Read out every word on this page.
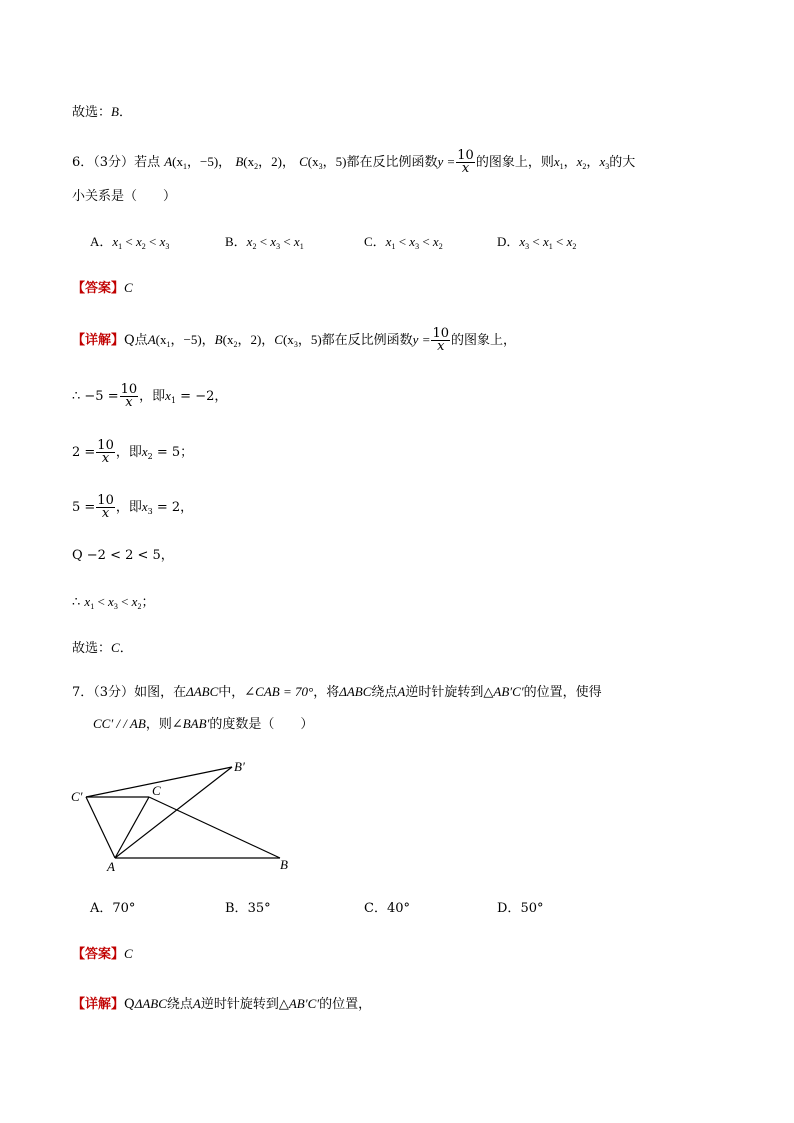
故选：B．
6．（3分）若点 $A(x_1$，−5)， $B(x_2$，2)， $C(x_3$，5)都在反比例函数$y = \frac{10}{x}$ 的图象上，则$x_1$，$x_2$，$x_3$的大
小关系是（　　）
A．$x_1 < x_2 < x_3$	B．$x_2 < x_3 < x_1$	C．$x_1 < x_3 < x_2$	D．$x_3 < x_1 < x_2$
【答案】C
【详解】Q点$A(x_1$，−5)，$B(x_2$，2)，$C(x_3$，5)都在反比例函数$y = \frac{10}{x}$ 的图象上，
∴ $-5 = \frac{10}{x}$ ，即$x_1 = -2$，
$2 = \frac{10}{x}$ ，即$x_2 = 5$；
$5 = \frac{10}{x}$ ，即$x_3 = 2$，
Q −2 < 2 < 5，
∴ $x_1 < x_3 < x_2$；
故选：C．
7．（3分）如图，在ΔABC中，∠CAB = 70°，将ΔABC绕点A逆时针旋转到△AB′C′的位置，使得
CC′ / / AB，则∠BAB′的度数是（　　）
B′
C′	C
A	B
A．70°	B．35°	C．40°	D．50°
【答案】C
【详解】QΔABC绕点A逆时针旋转到△AB′C′的位置，
